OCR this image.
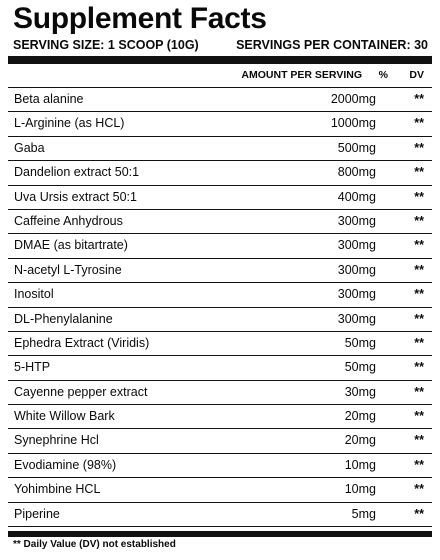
Supplement Facts
SERVING SIZE: 1 SCOOP (10G)	SERVINGS PER CONTAINER: 30
AMOUNT PER SERVING % DV
Beta alanine	2000mg	**
L-Arginine (as HCL)	1000mg	**
Gaba	500mg	**
Dandelion extract 50:1	800mg	**
Uva Ursis extract 50:1	400mg	**
Caffeine Anhydrous	300mg	**
DMAE (as bitartrate)	300mg	**
N-acetyl L-Tyrosine	300mg	**
Inositol	300mg	**
DL-Phenylalanine	300mg	**
Ephedra Extract (Viridis)	50mg	**
5-HTP	50mg	**
Cayenne pepper extract	30mg	**
White Willow Bark	20mg	**
Synephrine Hcl	20mg	**
Evodiamine (98%)	10mg	**
Yohimbine HCL	10mg	**
Piperine	5mg	**
** Daily Value (DV) not established
